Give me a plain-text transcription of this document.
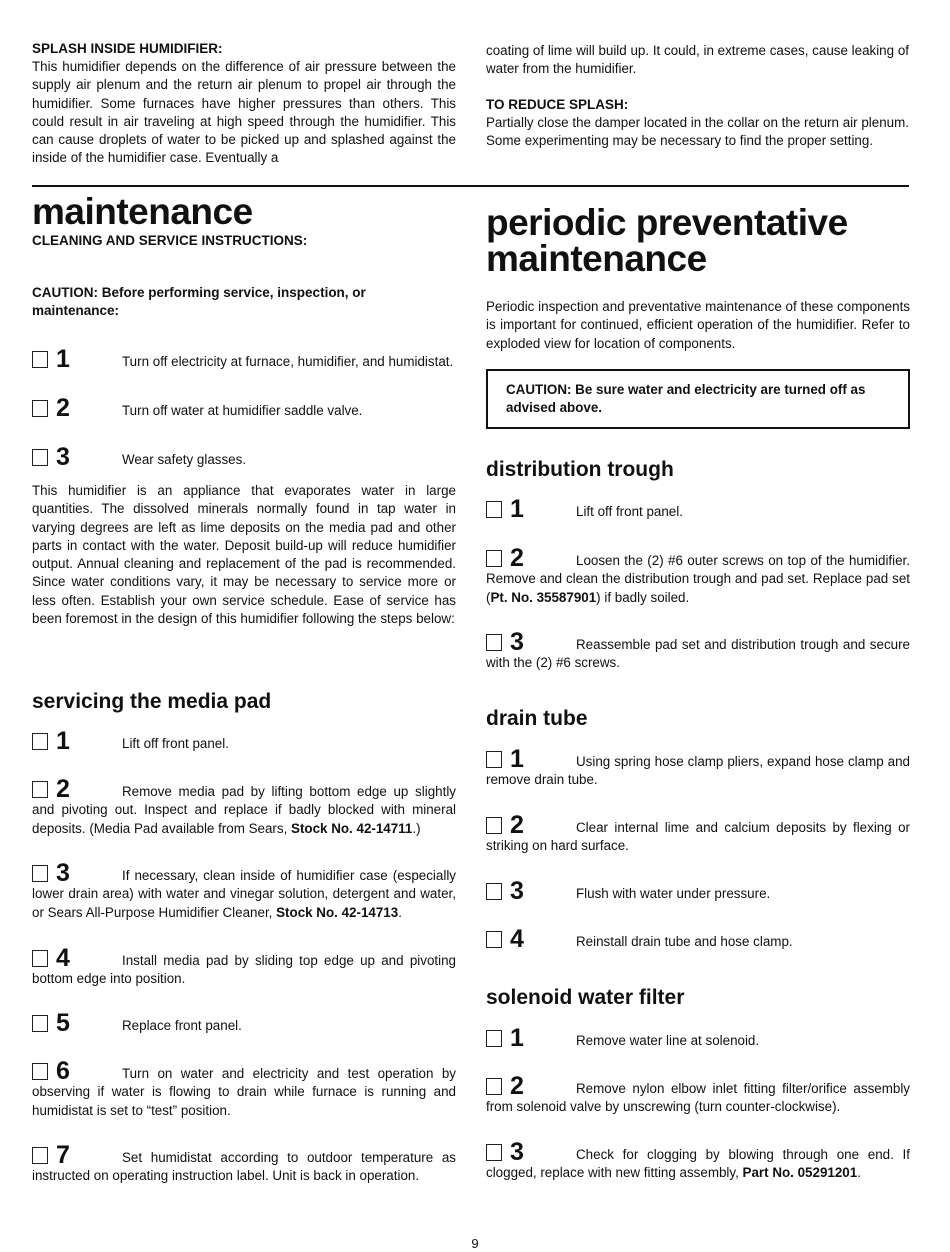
SPLASH INSIDE HUMIDIFIER:

This humidifier depends on the difference of air pressure between the supply air plenum and the return air plenum to propel air through the humidifier. Some furnaces have higher pressures than others. This could result in air traveling at high speed through the humidifier. This can cause droplets of water to be picked up and splashed against the inside of the humidifier case. Eventually a

coating of lime will build up. It could, in extreme cases, cause leaking of water from the humidifier.

TO REDUCE SPLASH:

Partially close the damper located in the collar on the return air plenum. Some experimenting may be necessary to find the proper setting.

maintenance

CLEANING AND SERVICE INSTRUCTIONS:

CAUTION: Before performing service, inspection, or maintenance:

1	Turn off electricity at furnace, humidifier, and humidistat.

2	Turn off water at humidifier saddle valve.

3	Wear safety glasses.

This humidifier is an appliance that evaporates water in large quantities. The dissolved minerals normally found in tap water in varying degrees are left as lime deposits on the media pad and other parts in contact with the water. Deposit build-up will reduce humidifier output. Annual cleaning and replacement of the pad is recommended. Since water conditions vary, it may be necessary to service more or less often. Establish your own service schedule. Ease of service has been foremost in the design of this humidifier following the steps below:

servicing the media pad
1	Lift off front panel.

2	Remove media pad by lifting bottom edge up slightly and pivoting out. Inspect and replace if badly blocked with mineral deposits. (Media Pad available from Sears, Stock No. 42-14711.)

3	If necessary, clean inside of humidifier case (especially lower drain area) with water and vinegar solution, detergent and water, or Sears All-Purpose Humidifier Cleaner, Stock No. 42-14713.

4	Install media pad by sliding top edge up and pivoting bottom edge into position.

5	Replace front panel.

6	Turn on water and electricity and test operation by observing if water is flowing to drain while furnace is running and humidistat is set to “test” position.

7	Set humidistat according to outdoor temperature as instructed on operating instruction label. Unit is back in operation.

periodic preventative
maintenance

Periodic inspection and preventative maintenance of these components is important for continued, efficient operation of the humidifier. Refer to exploded view for location of components.

CAUTION: Be sure water and electricity are turned off as advised above.

distribution trough
1	Lift off front panel.

2	Loosen the (2) #6 outer screws on top of the humidifier. Remove and clean the distribution trough and pad set. Replace pad set (Pt. No. 35587901) if badly soiled.

3	Reassemble pad set and distribution trough and secure with the (2) #6 screws.

drain tube
1	Using spring hose clamp pliers, expand hose clamp and remove drain tube.

2	Clear internal lime and calcium deposits by flexing or striking on hard surface.

3	Flush with water under pressure.

4	Reinstall drain tube and hose clamp.

solenoid water filter
1	Remove water line at solenoid.

2	Remove nylon elbow inlet fitting filter/orifice assembly from solenoid valve by unscrewing (turn counter-clockwise).

3	Check for clogging by blowing through one end. If clogged, replace with new fitting assembly, Part No. 05291201.

9
